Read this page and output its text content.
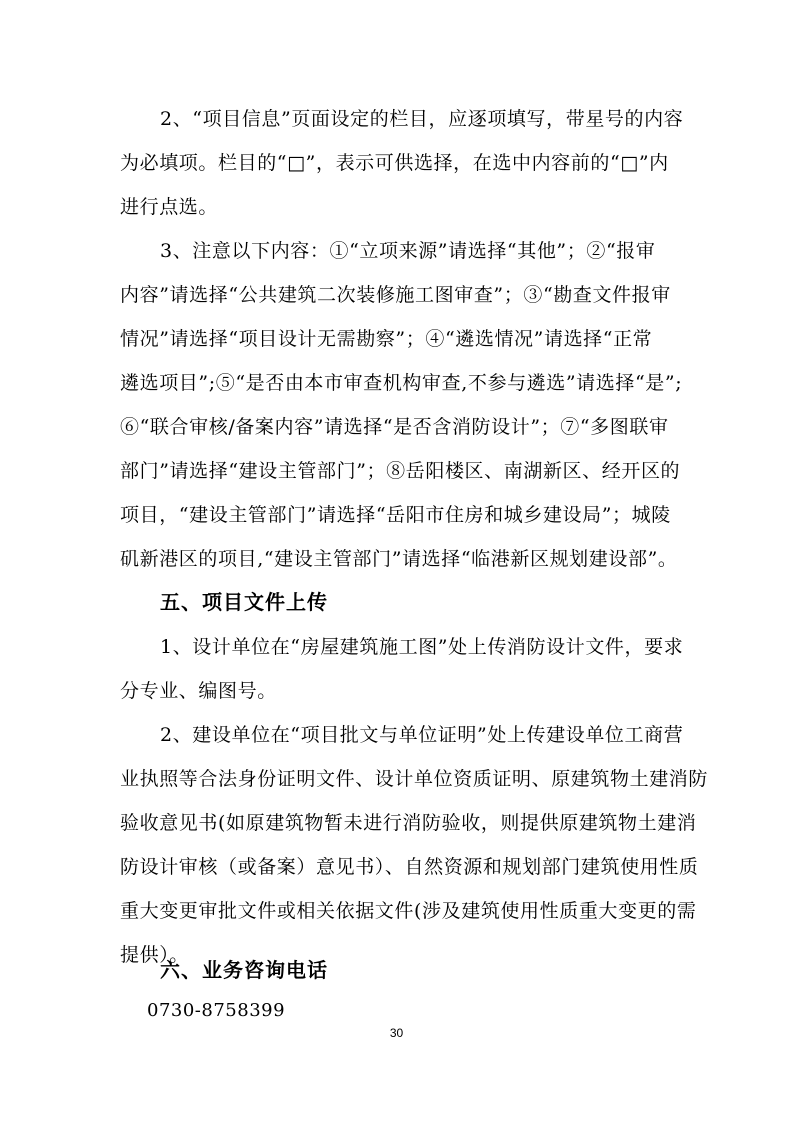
2、“项目信息”页面设定的栏目，应逐项填写，带星号的内容
为必填项。栏目的“□”，表示可供选择，在选中内容前的“□”内
进行点选。
3、注意以下内容：①“立项来源”请选择“其他”；②“报审
内容”请选择“公共建筑二次装修施工图审查”；③“勘查文件报审
情况”请选择“项目设计无需勘察”；④“遴选情况”请选择“正常
遴选项目”;⑤“是否由本市审查机构审查,不参与遴选”请选择“是”;
⑥“联合审核/备案内容”请选择“是否含消防设计”；⑦“多图联审
部门”请选择“建设主管部门”；⑧岳阳楼区、南湖新区、经开区的
项目，“建设主管部门”请选择“岳阳市住房和城乡建设局”；城陵
矶新港区的项目,“建设主管部门”请选择“临港新区规划建设部”。
五、项目文件上传
1、设计单位在“房屋建筑施工图”处上传消防设计文件，要求
分专业、编图号。
2、建设单位在“项目批文与单位证明”处上传建设单位工商营
业执照等合法身份证明文件、设计单位资质证明、原建筑物土建消防
验收意见书(如原建筑物暂未进行消防验收，则提供原建筑物土建消
防设计审核（或备案）意见书）、自然资源和规划部门建筑使用性质
重大变更审批文件或相关依据文件(涉及建筑使用性质重大变更的需
提供）。
六、业务咨询电话
0730-8758399
30
